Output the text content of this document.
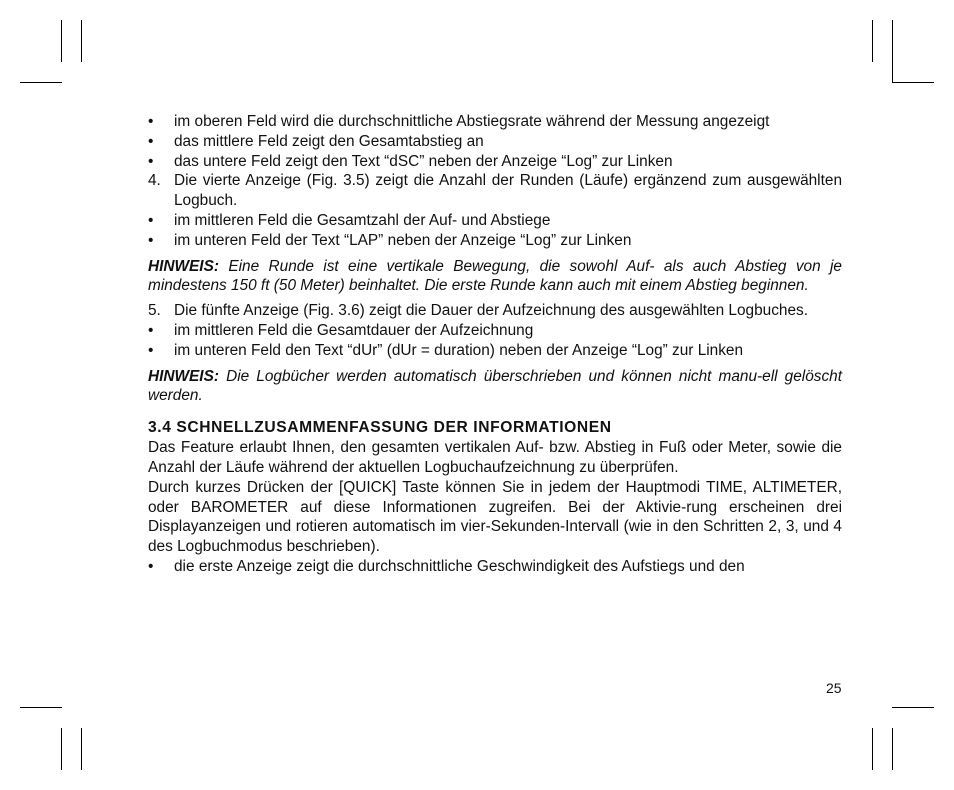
• im oberen Feld wird die durchschnittliche Abstiegsrate während der Messung angezeigt
• das mittlere Feld zeigt den Gesamtabstieg an
• das untere Feld zeigt den Text “dSC” neben der Anzeige “Log” zur Linken
4. Die vierte Anzeige (Fig. 3.5) zeigt die Anzahl der Runden (Läufe) ergänzend zum ausgewählten Logbuch.
• im mittleren Feld die Gesamtzahl der Auf- und Abstiege
• im unteren Feld der Text “LAP” neben der Anzeige “Log” zur Linken
HINWEIS: Eine Runde ist eine vertikale Bewegung, die sowohl Auf- als auch Abstieg von je mindestens 150 ft (50 Meter) beinhaltet. Die erste Runde kann auch mit einem Abstieg beginnen.
5. Die fünfte Anzeige (Fig. 3.6) zeigt die Dauer der Aufzeichnung des ausgewählten Logbuches.
• im mittleren Feld die Gesamtdauer der Aufzeichnung
• im unteren Feld den Text “dUr” (dUr = duration) neben der Anzeige “Log” zur Linken
HINWEIS: Die Logbücher werden automatisch überschrieben und können nicht manu-ell gelöscht werden.
3.4 SCHNELLZUSAMMENFASSUNG DER INFORMATIONEN
Das Feature erlaubt Ihnen, den gesamten vertikalen Auf- bzw. Abstieg in Fuß oder Meter, sowie die Anzahl der Läufe während der aktuellen Logbuchaufzeichnung zu überprüfen.
Durch kurzes Drücken der [QUICK] Taste können Sie in jedem der Hauptmodi TIME, ALTIMETER, oder BAROMETER auf diese Informationen zugreifen. Bei der Aktivie-rung erscheinen drei Displayanzeigen und rotieren automatisch im vier-Sekunden-Intervall (wie in den Schritten 2, 3, und 4 des Logbuchmodus beschrieben).
• die erste Anzeige zeigt die durchschnittliche Geschwindigkeit des Aufstiegs und den
25
